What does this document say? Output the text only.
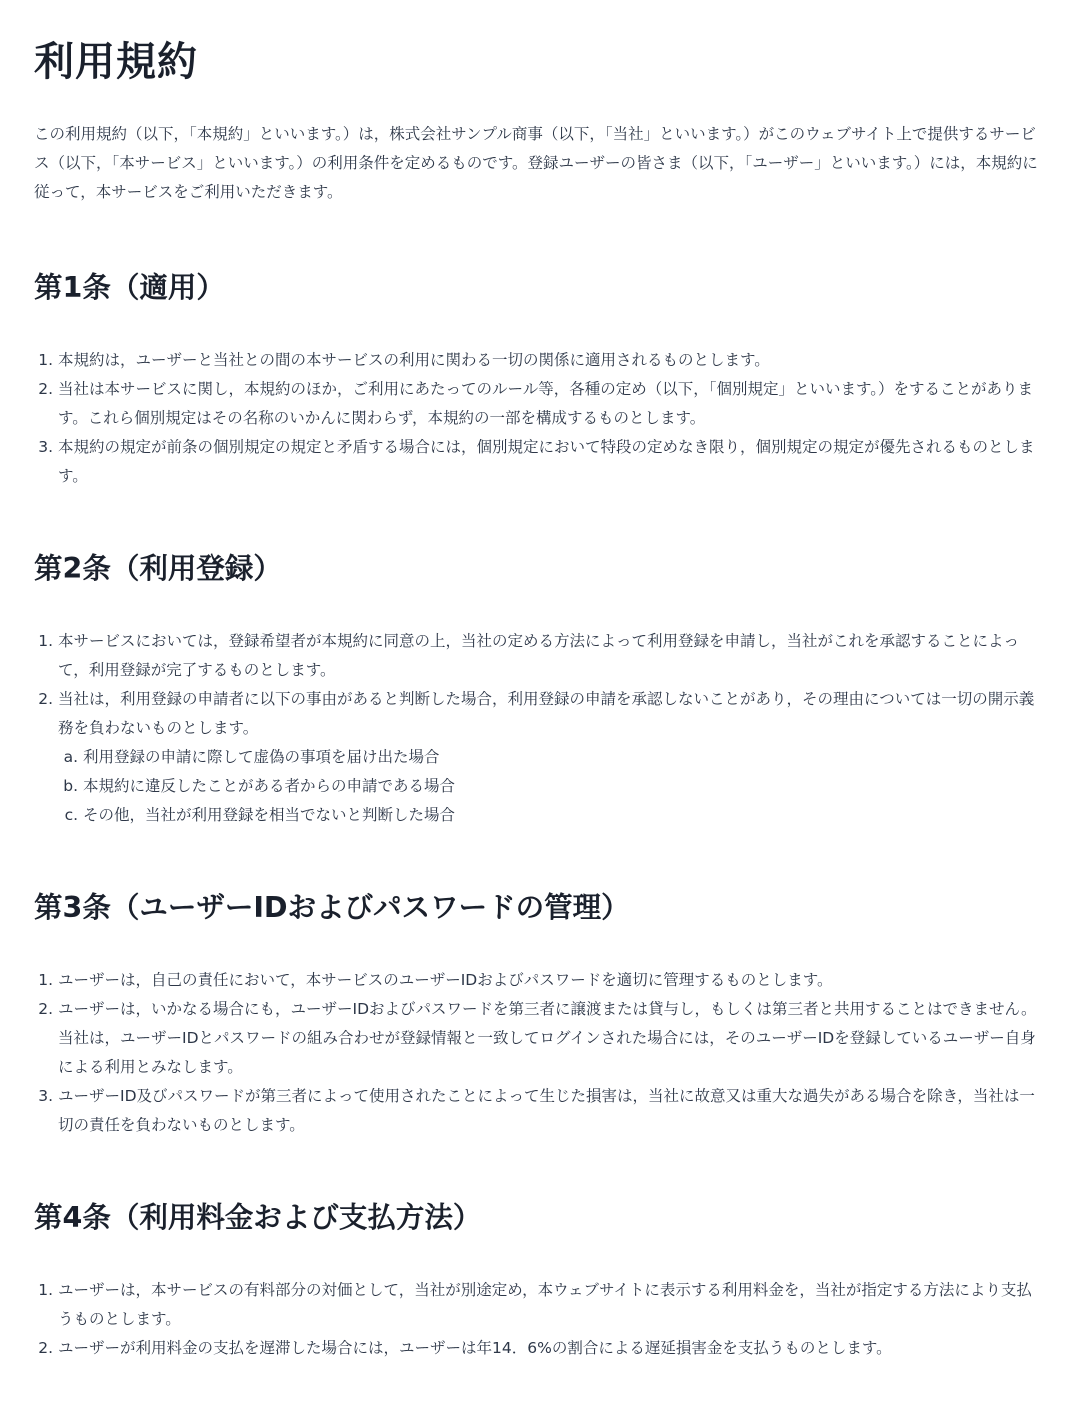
利用規約

この利用規約（以下，「本規約」といいます。）は，株式会社サンプル商事（以下，「当社」といいます。）がこのウェブサイト上で提供するサービス（以下，「本サービス」といいます。）の利用条件を定めるものです。登録ユーザーの皆さま（以下，「ユーザー」といいます。）には，本規約に従って，本サービスをご利用いただきます。

第1条（適用）
1. 本規約は，ユーザーと当社との間の本サービスの利用に関わる一切の関係に適用されるものとします。
2. 当社は本サービスに関し，本規約のほか，ご利用にあたってのルール等，各種の定め（以下，「個別規定」といいます。）をすることがあります。これら個別規定はその名称のいかんに関わらず，本規約の一部を構成するものとします。
3. 本規約の規定が前条の個別規定の規定と矛盾する場合には，個別規定において特段の定めなき限り，個別規定の規定が優先されるものとします。
第2条（利用登録）
1. 本サービスにおいては，登録希望者が本規約に同意の上，当社の定める方法によって利用登録を申請し，当社がこれを承認することによって，利用登録が完了するものとします。
2. 当社は，利用登録の申請者に以下の事由があると判断した場合，利用登録の申請を承認しないことがあり，その理由については一切の開示義務を負わないものとします。
a. 利用登録の申請に際して虚偽の事項を届け出た場合
b. 本規約に違反したことがある者からの申請である場合
c. その他，当社が利用登録を相当でないと判断した場合
第3条（ユーザーIDおよびパスワードの管理）
1. ユーザーは，自己の責任において，本サービスのユーザーIDおよびパスワードを適切に管理するものとします。
2. ユーザーは，いかなる場合にも，ユーザーIDおよびパスワードを第三者に譲渡または貸与し，もしくは第三者と共用することはできません。当社は，ユーザーIDとパスワードの組み合わせが登録情報と一致してログインされた場合には，そのユーザーIDを登録しているユーザー自身による利用とみなします。
3. ユーザーID及びパスワードが第三者によって使用されたことによって生じた損害は，当社に故意又は重大な過失がある場合を除き，当社は一切の責任を負わないものとします。
第4条（利用料金および支払方法）
1. ユーザーは，本サービスの有料部分の対価として，当社が別途定め，本ウェブサイトに表示する利用料金を，当社が指定する方法により支払うものとします。
2. ユーザーが利用料金の支払を遅滞した場合には，ユーザーは年14．6%の割合による遅延損害金を支払うものとします。
